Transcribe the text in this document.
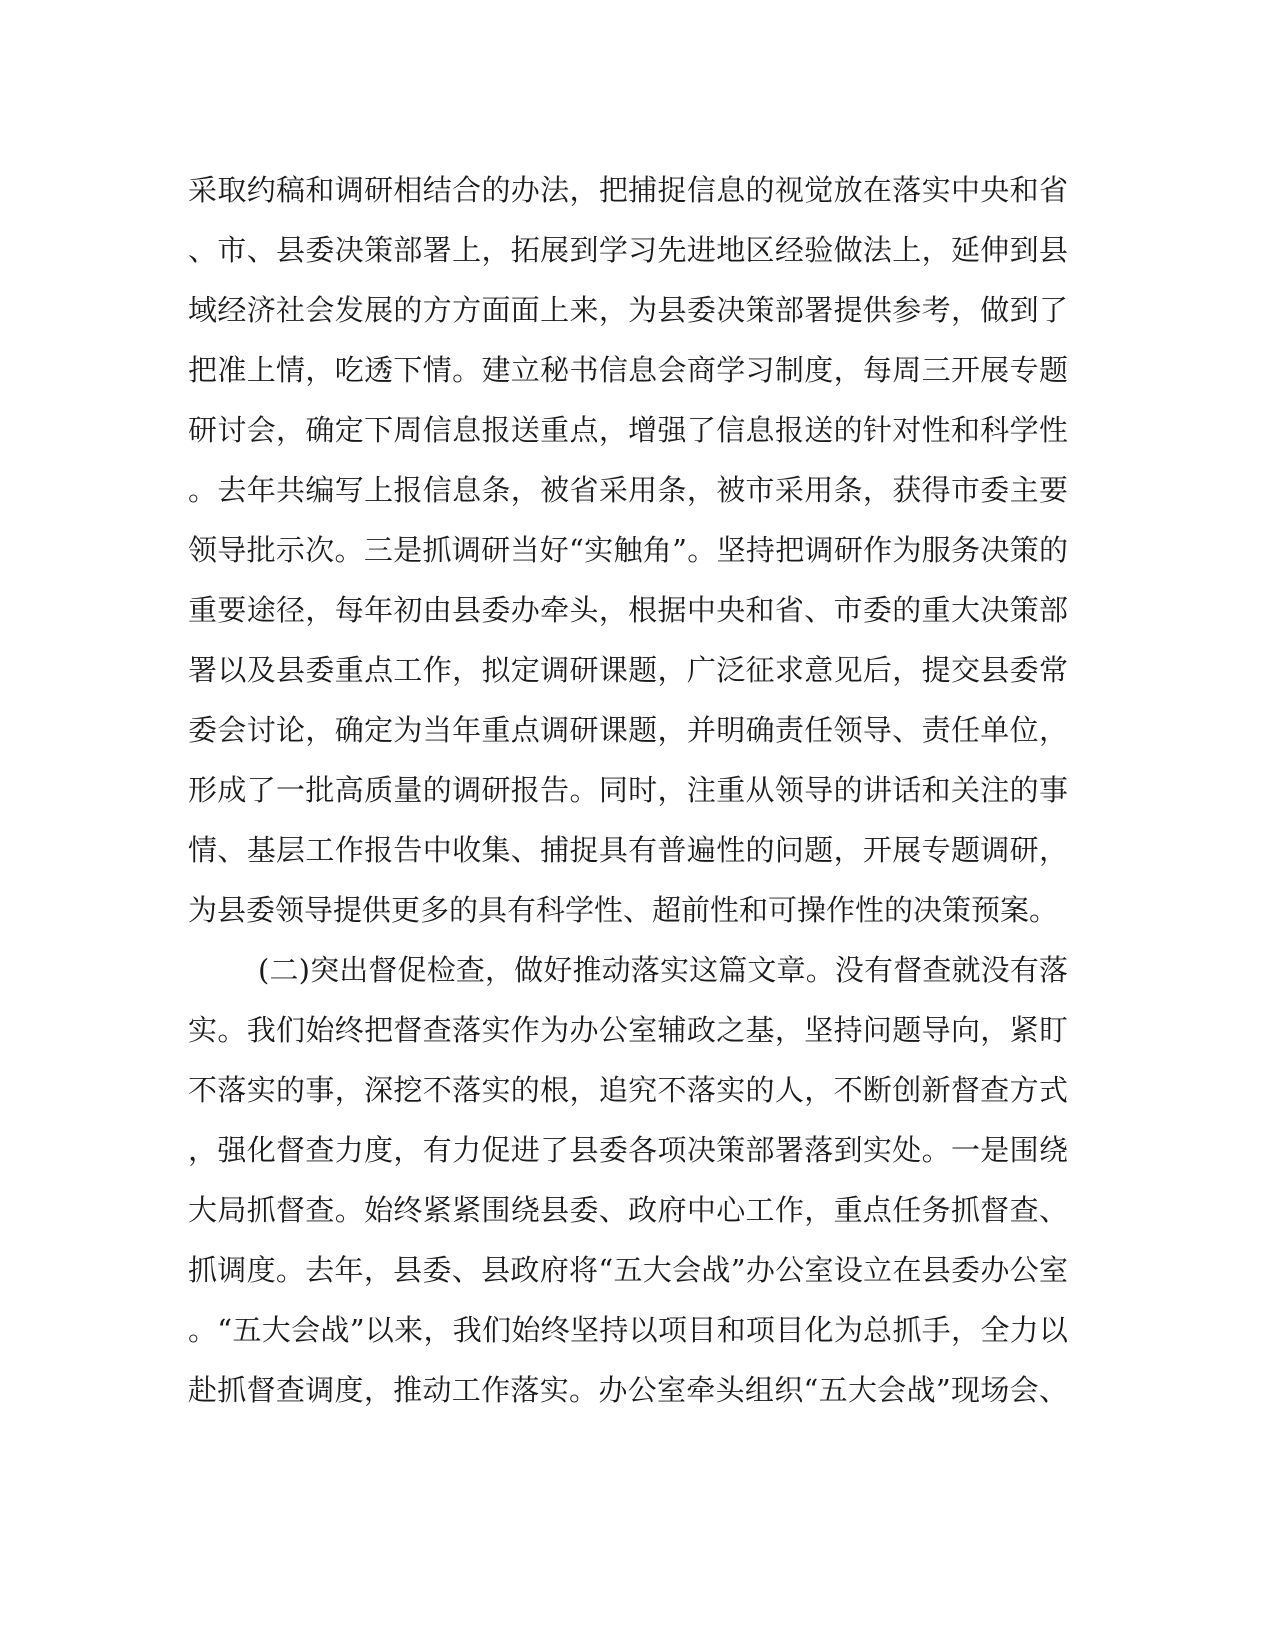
采取约稿和调研相结合的办法，把捕捉信息的视觉放在落实中央和省
、市、县委决策部署上，拓展到学习先进地区经验做法上，延伸到县
域经济社会发展的方方面面上来，为县委决策部署提供参考，做到了
把准上情，吃透下情。建立秘书信息会商学习制度，每周三开展专题
研讨会，确定下周信息报送重点，增强了信息报送的针对性和科学性
。去年共编写上报信息条，被省采用条，被市采用条，获得市委主要
领导批示次。三是抓调研当好“实触角”。坚持把调研作为服务决策的
重要途径，每年初由县委办牵头，根据中央和省、市委的重大决策部
署以及县委重点工作，拟定调研课题，广泛征求意见后，提交县委常
委会讨论，确定为当年重点调研课题，并明确责任领导、责任单位，
形成了一批高质量的调研报告。同时，注重从领导的讲话和关注的事
情、基层工作报告中收集、捕捉具有普遍性的问题，开展专题调研，
为县委领导提供更多的具有科学性、超前性和可操作性的决策预案。
(二)突出督促检查，做好推动落实这篇文章。没有督查就没有落
实。我们始终把督查落实作为办公室辅政之基，坚持问题导向，紧盯
不落实的事，深挖不落实的根，追究不落实的人，不断创新督查方式
，强化督查力度，有力促进了县委各项决策部署落到实处。一是围绕
大局抓督查。始终紧紧围绕县委、政府中心工作，重点任务抓督查、
抓调度。去年，县委、县政府将“五大会战”办公室设立在县委办公室
。“五大会战”以来，我们始终坚持以项目和项目化为总抓手，全力以
赴抓督查调度，推动工作落实。办公室牵头组织“五大会战”现场会、
